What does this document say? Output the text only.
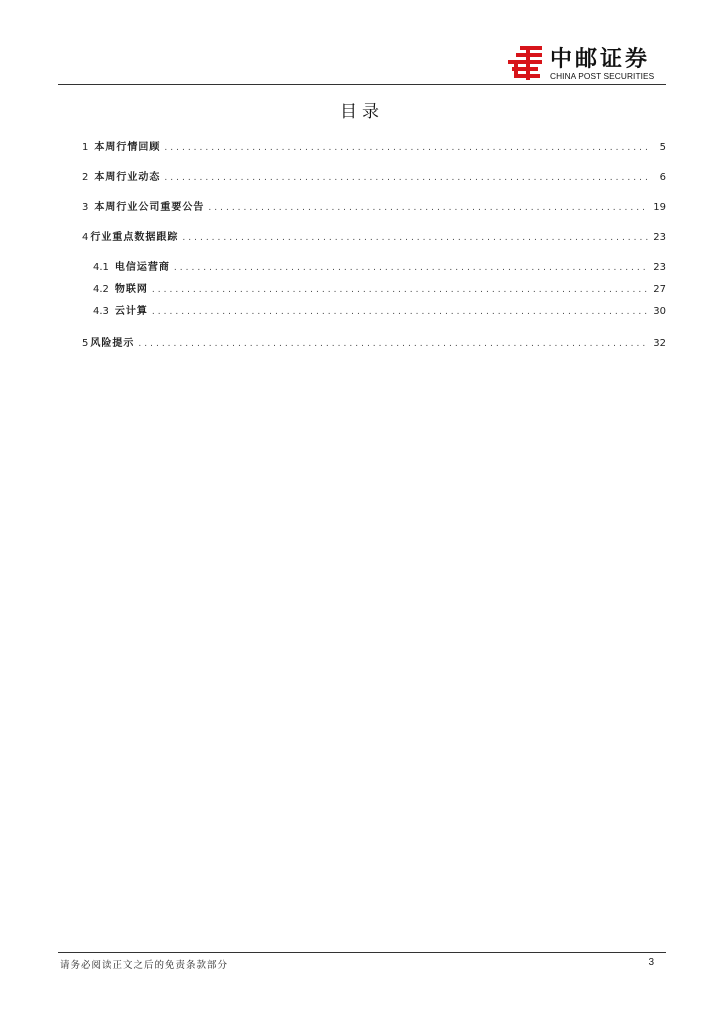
中邮证券
CHINA POST SECURITIES
目录
1 本周行情回顾 .....	5
2 本周行业动态 .....	6
3 本周行业公司重要公告 .....	19
4 行业重点数据跟踪 .....	23
4.1 电信运营商 .....	23
4.2 物联网 .....	27
4.3 云计算 .....	30
5 风险提示 .....	32
请务必阅读正文之后的免责条款部分	3
